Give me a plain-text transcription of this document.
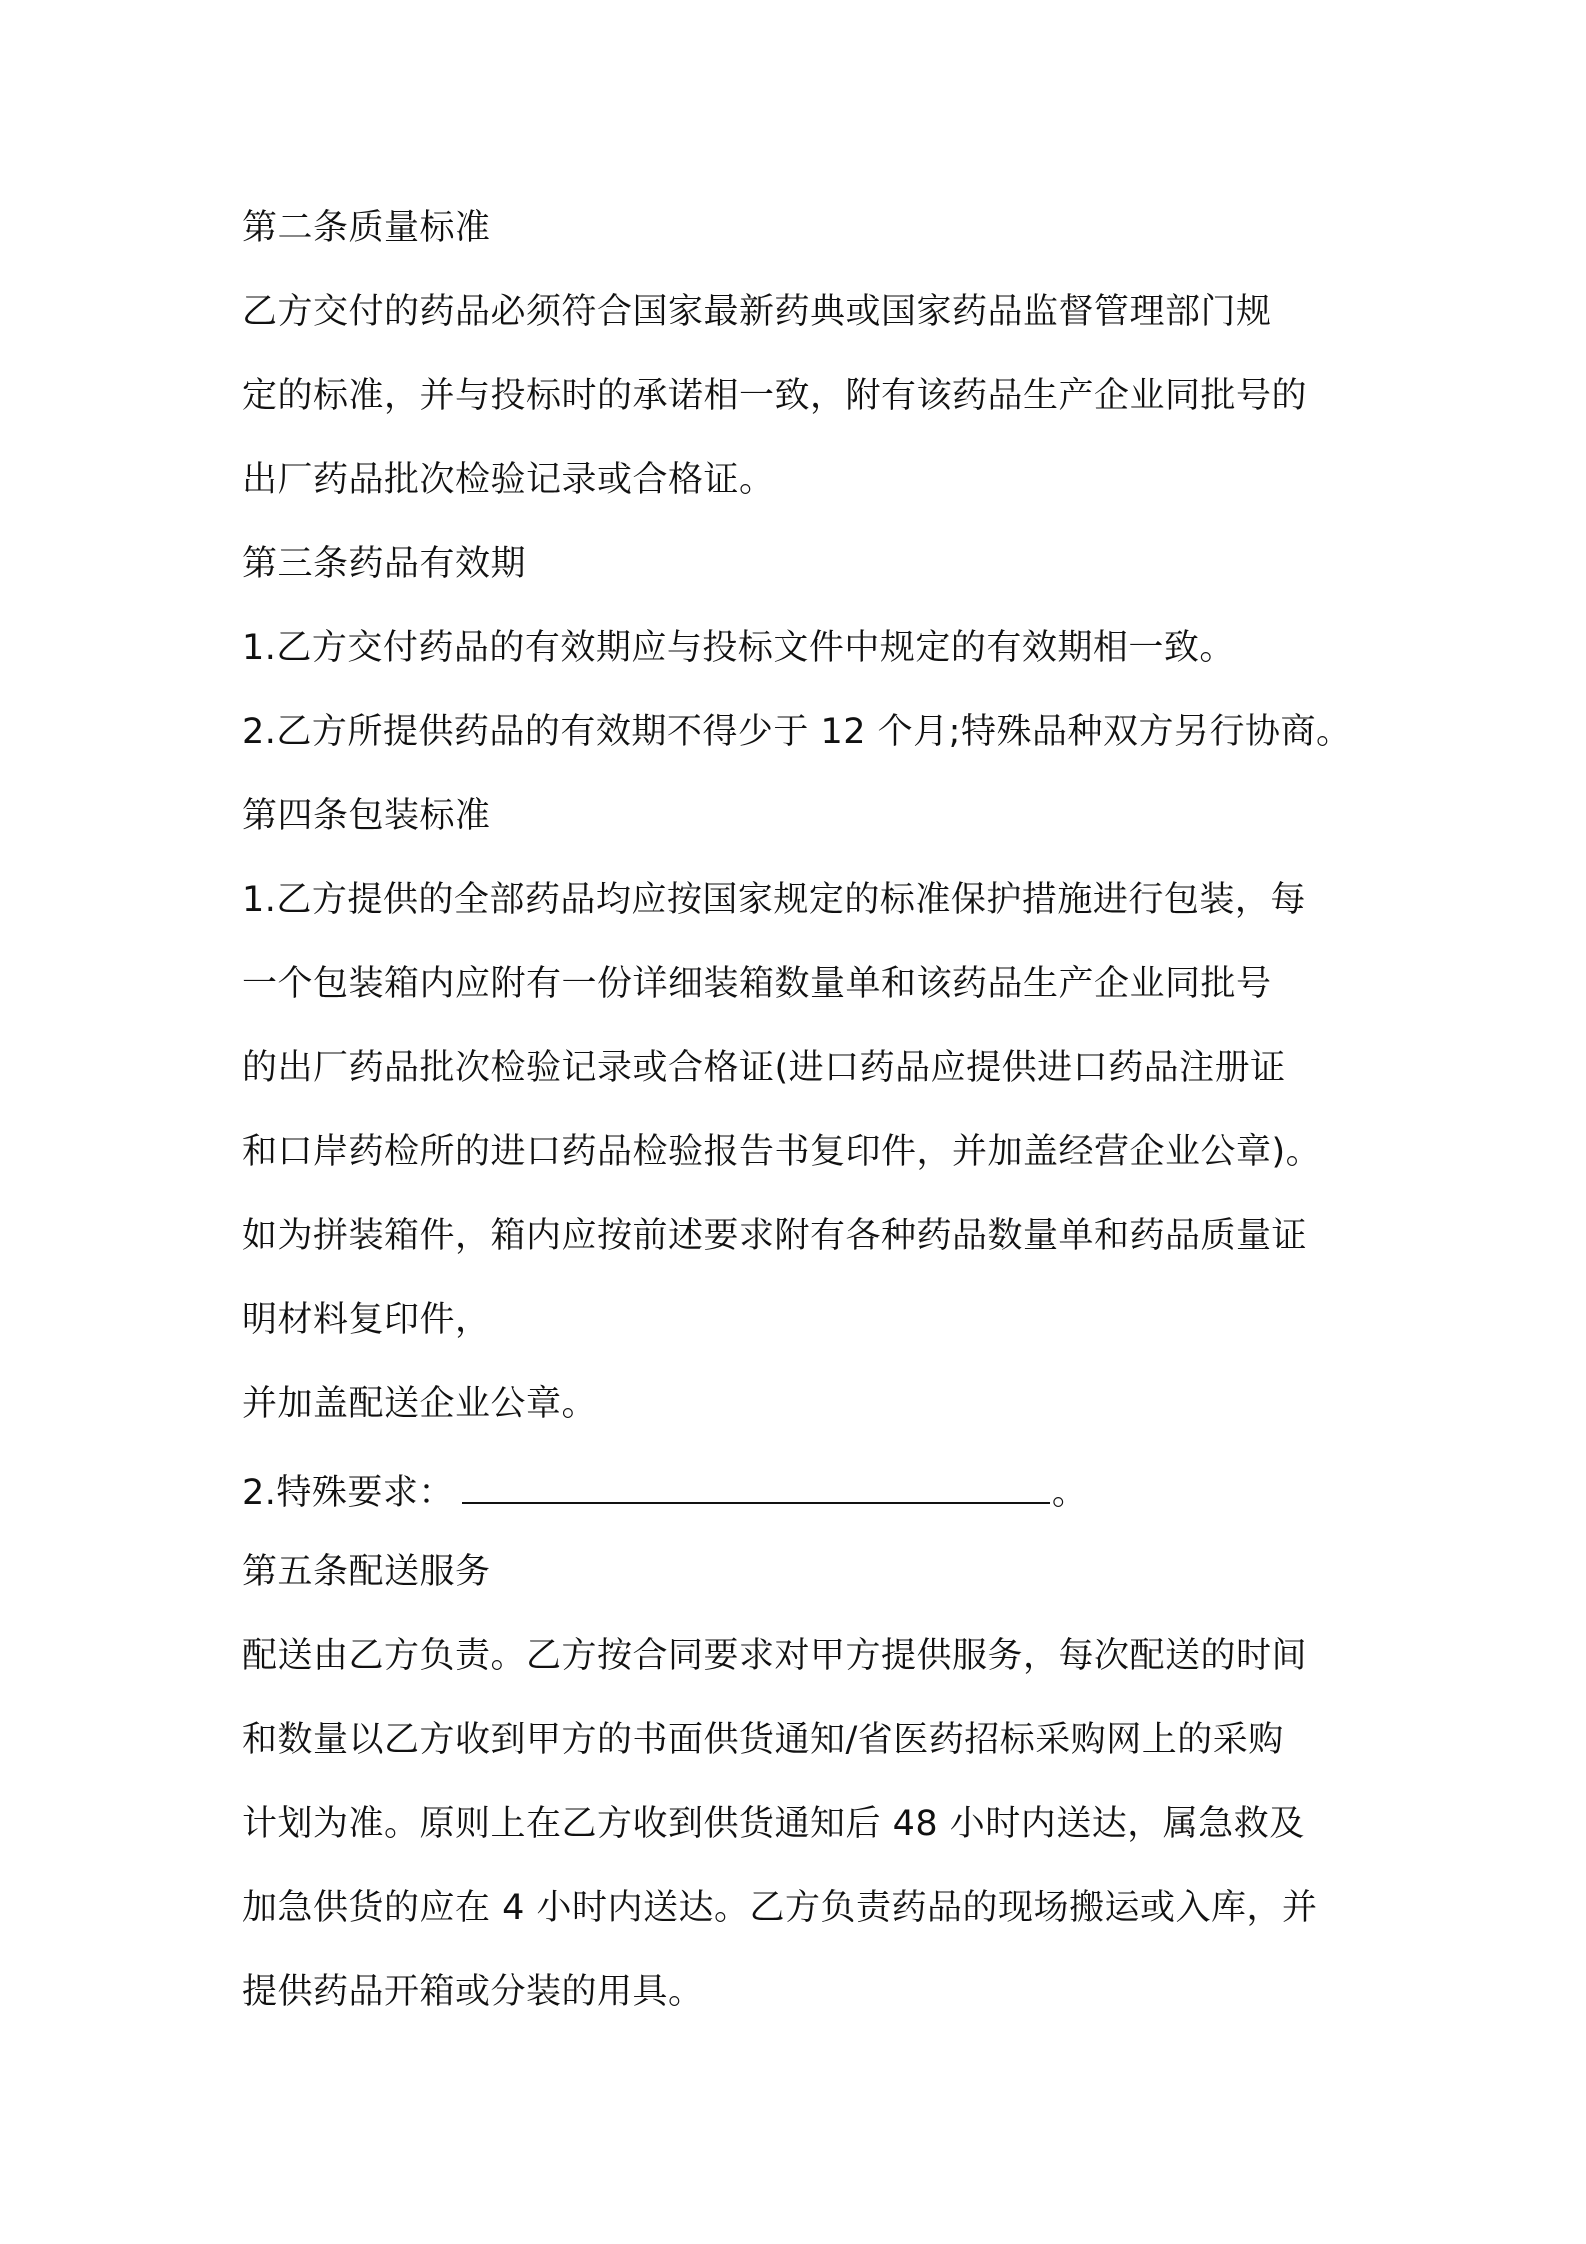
第二条质量标准
乙方交付的药品必须符合国家最新药典或国家药品监督管理部门规
定的标准，并与投标时的承诺相一致，附有该药品生产企业同批号的
出厂药品批次检验记录或合格证。
第三条药品有效期
1.乙方交付药品的有效期应与投标文件中规定的有效期相一致。
2.乙方所提供药品的有效期不得少于 12 个月;特殊品种双方另行协商。
第四条包装标准
1.乙方提供的全部药品均应按国家规定的标准保护措施进行包装，每
一个包装箱内应附有一份详细装箱数量单和该药品生产企业同批号
的出厂药品批次检验记录或合格证(进口药品应提供进口药品注册证
和口岸药检所的进口药品检验报告书复印件，并加盖经营企业公章)。
如为拼装箱件，箱内应按前述要求附有各种药品数量单和药品质量证
明材料复印件，
并加盖配送企业公章。
2.特殊要求：	。
第五条配送服务
配送由乙方负责。乙方按合同要求对甲方提供服务，每次配送的时间
和数量以乙方收到甲方的书面供货通知/省医药招标采购网上的采购
计划为准。原则上在乙方收到供货通知后 48 小时内送达，属急救及
加急供货的应在 4 小时内送达。乙方负责药品的现场搬运或入库，并
提供药品开箱或分装的用具。
